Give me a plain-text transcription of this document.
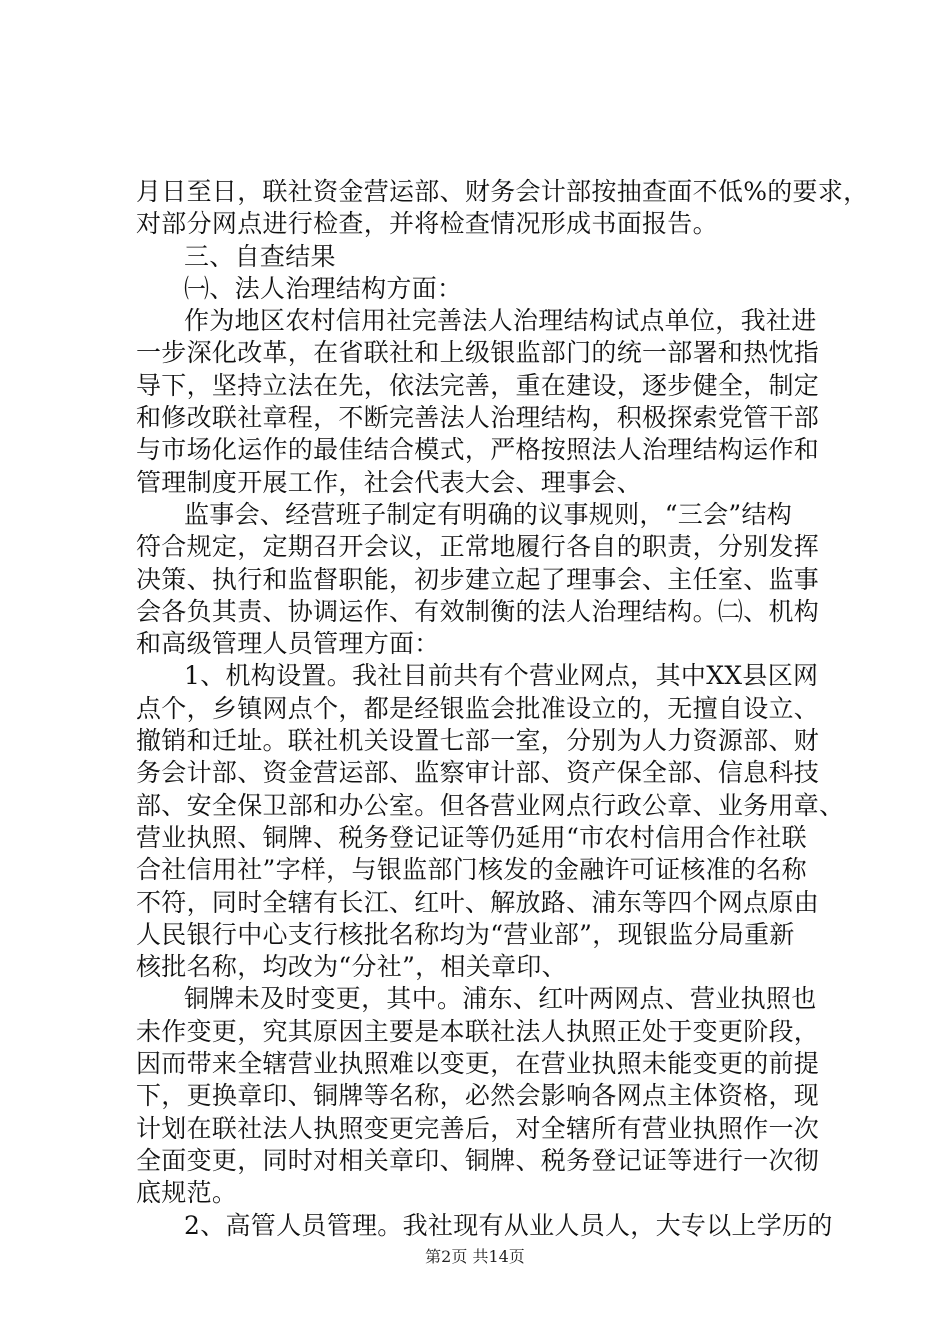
月日至日，联社资金营运部、财务会计部按抽查面不低%的要求，
对部分网点进行检查，并将检查情况形成书面报告。
三、自查结果
㈠、法人治理结构方面：
作为地区农村信用社完善法人治理结构试点单位，我社进
一步深化改革，在省联社和上级银监部门的统一部署和热忱指
导下，坚持立法在先，依法完善，重在建设，逐步健全，制定
和修改联社章程，不断完善法人治理结构，积极探索党管干部
与市场化运作的最佳结合模式，严格按照法人治理结构运作和
管理制度开展工作，社会代表大会、理事会、
监事会、经营班子制定有明确的议事规则，“三会”结构
符合规定，定期召开会议，正常地履行各自的职责，分别发挥
决策、执行和监督职能，初步建立起了理事会、主任室、监事
会各负其责、协调运作、有效制衡的法人治理结构。㈡、机构
和高级管理人员管理方面：
1、机构设置。我社目前共有个营业网点，其中XX县区网
点个，乡镇网点个，都是经银监会批准设立的，无擅自设立、
撤销和迁址。联社机关设置七部一室，分别为人力资源部、财
务会计部、资金营运部、监察审计部、资产保全部、信息科技
部、安全保卫部和办公室。但各营业网点行政公章、业务用章、
营业执照、铜牌、税务登记证等仍延用“市农村信用合作社联
合社信用社”字样，与银监部门核发的金融许可证核准的名称
不符，同时全辖有长江、红叶、解放路、浦东等四个网点原由
人民银行中心支行核批名称均为“营业部”，现银监分局重新
核批名称，均改为“分社”，相关章印、
铜牌未及时变更，其中。浦东、红叶两网点、营业执照也
未作变更，究其原因主要是本联社法人执照正处于变更阶段，
因而带来全辖营业执照难以变更，在营业执照未能变更的前提
下，更换章印、铜牌等名称，必然会影响各网点主体资格，现
计划在联社法人执照变更完善后，对全辖所有营业执照作一次
全面变更，同时对相关章印、铜牌、税务登记证等进行一次彻
底规范。
2、高管人员管理。我社现有从业人员人，大专以上学历的
第2页 共14页
